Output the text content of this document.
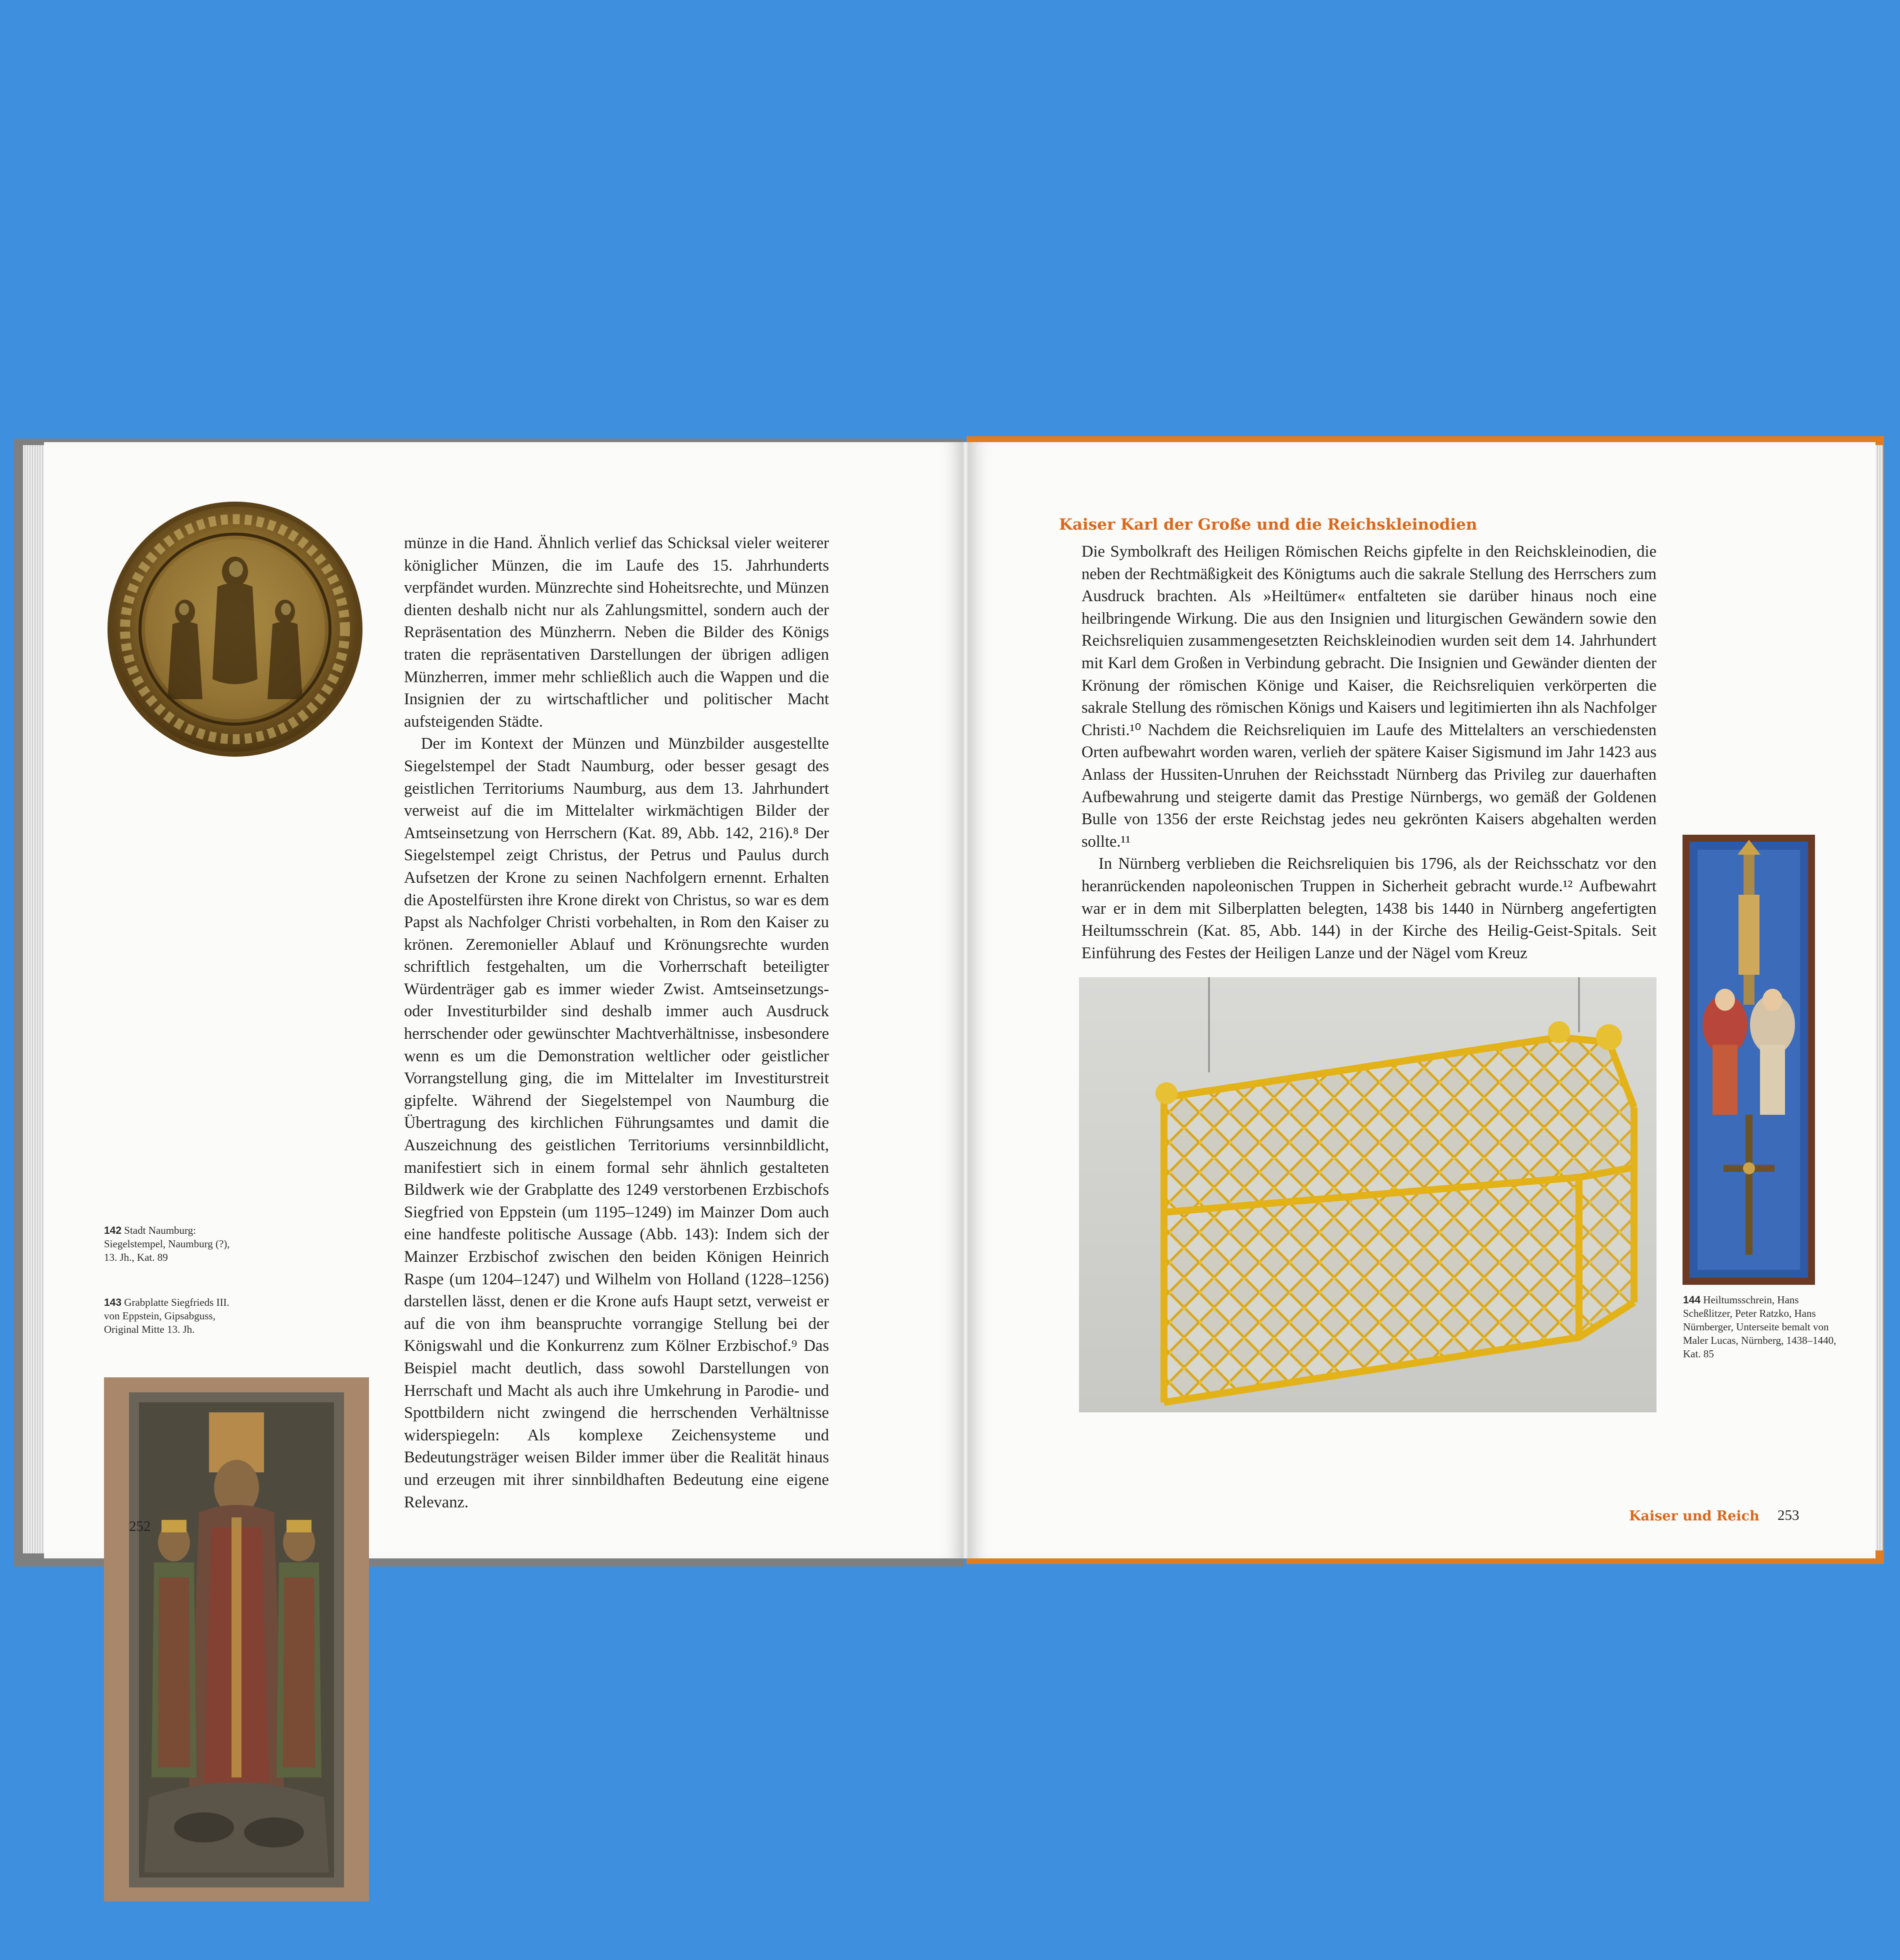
142 Stadt Naumburg: Siegelstempel, Naumburg (?), 13. Jh., Kat. 89
143 Grabplatte Siegfrieds III. von Eppstein, Gipsabguss, Original Mitte 13. Jh.

münze in die Hand. Ähnlich verlief das Schicksal vieler weiterer königlicher Münzen, die im Laufe des 15. Jahrhunderts verpfändet wurden. Münzrechte sind Hoheitsrechte, und Münzen dienten deshalb nicht nur als Zahlungsmittel, sondern auch der Repräsentation des Münzherrn. Neben die Bilder des Königs traten die repräsentativen Darstellungen der übrigen adligen Münzherren, immer mehr schließlich auch die Wappen und die Insignien der zu wirtschaftlicher und politischer Macht aufsteigenden Städte.

Der im Kontext der Münzen und Münzbilder ausgestellte Siegelstempel der Stadt Naumburg, oder besser gesagt des geistlichen Territoriums Naumburg, aus dem 13. Jahrhundert verweist auf die im Mittelalter wirkmächtigen Bilder der Amtseinsetzung von Herrschern (Kat. 89, Abb. 142, 216).⁸ Der Siegelstempel zeigt Christus, der Petrus und Paulus durch Aufsetzen der Krone zu seinen Nachfolgern ernennt. Erhalten die Apostelfürsten ihre Krone direkt von Christus, so war es dem Papst als Nachfolger Christi vorbehalten, in Rom den Kaiser zu krönen. Zeremonieller Ablauf und Krönungsrechte wurden schriftlich festgehalten, um die Vorherrschaft beteiligter Würdenträger gab es immer wieder Zwist. Amtseinsetzungs- oder Investiturbilder sind deshalb immer auch Ausdruck herrschender oder gewünschter Machtverhältnisse, insbesondere wenn es um die Demonstration weltlicher oder geistlicher Vorrangstellung ging, die im Mittelalter im Investiturstreit gipfelte. Während der Siegelstempel von Naumburg die Übertragung des kirchlichen Führungsamtes und damit die Auszeichnung des geistlichen Territoriums versinnbildlicht, manifestiert sich in einem formal sehr ähnlich gestalteten Bildwerk wie der Grabplatte des 1249 verstorbenen Erzbischofs Siegfried von Eppstein (um 1195–1249) im Mainzer Dom auch eine handfeste politische Aussage (Abb. 143): Indem sich der Mainzer Erzbischof zwischen den beiden Königen Heinrich Raspe (um 1204–1247) und Wilhelm von Holland (1228–1256) darstellen lässt, denen er die Krone aufs Haupt setzt, verweist er auf die von ihm beanspruchte vorrangige Stellung bei der Königswahl und die Konkurrenz zum Kölner Erzbischof.⁹ Das Beispiel macht deutlich, dass sowohl Darstellungen von Herrschaft und Macht als auch ihre Umkehrung in Parodie- und Spottbildern nicht zwingend die herrschenden Verhältnisse widerspiegeln: Als komplexe Zeichensysteme und Bedeutungsträger weisen Bilder immer über die Realität hinaus und erzeugen mit ihrer sinnbildhaften Bedeutung eine eigene Relevanz.

252
Kaiser Karl der Große und die Reichskleinodien

Die Symbolkraft des Heiligen Römischen Reichs gipfelte in den Reichskleinodien, die neben der Rechtmäßigkeit des Königtums auch die sakrale Stellung des Herrschers zum Ausdruck brachten. Als »Heiltümer« entfalteten sie darüber hinaus noch eine heilbringende Wirkung. Die aus den Insignien und liturgischen Gewändern sowie den Reichsreliquien zusammengesetzten Reichskleinodien wurden seit dem 14. Jahrhundert mit Karl dem Großen in Verbindung gebracht. Die Insignien und Gewänder dienten der Krönung der römischen Könige und Kaiser, die Reichsreliquien verkörperten die sakrale Stellung des römischen Königs und Kaisers und legitimierten ihn als Nachfolger Christi.¹⁰ Nachdem die Reichsreliquien im Laufe des Mittelalters an verschiedensten Orten aufbewahrt worden waren, verlieh der spätere Kaiser Sigismund im Jahr 1423 aus Anlass der Hussiten-Unruhen der Reichsstadt Nürnberg das Privileg zur dauerhaften Aufbewahrung und steigerte damit das Prestige Nürnbergs, wo gemäß der Goldenen Bulle von 1356 der erste Reichstag jedes neu gekrönten Kaisers abgehalten werden sollte.¹¹

In Nürnberg verblieben die Reichsreliquien bis 1796, als der Reichsschatz vor den heranrückenden napoleonischen Truppen in Sicherheit gebracht wurde.¹² Aufbewahrt war er in dem mit Silberplatten belegten, 1438 bis 1440 in Nürnberg angefertigten Heiltumsschrein (Kat. 85, Abb. 144) in der Kirche des Heilig-Geist-Spitals. Seit Einführung des Festes der Heiligen Lanze und der Nägel vom Kreuz

144 Heiltumsschrein, Hans Scheßlitzer, Peter Ratzko, Hans Nürnberger, Unterseite bemalt von Maler Lucas, Nürnberg, 1438–1440, Kat. 85
Kaiser und Reich 253
